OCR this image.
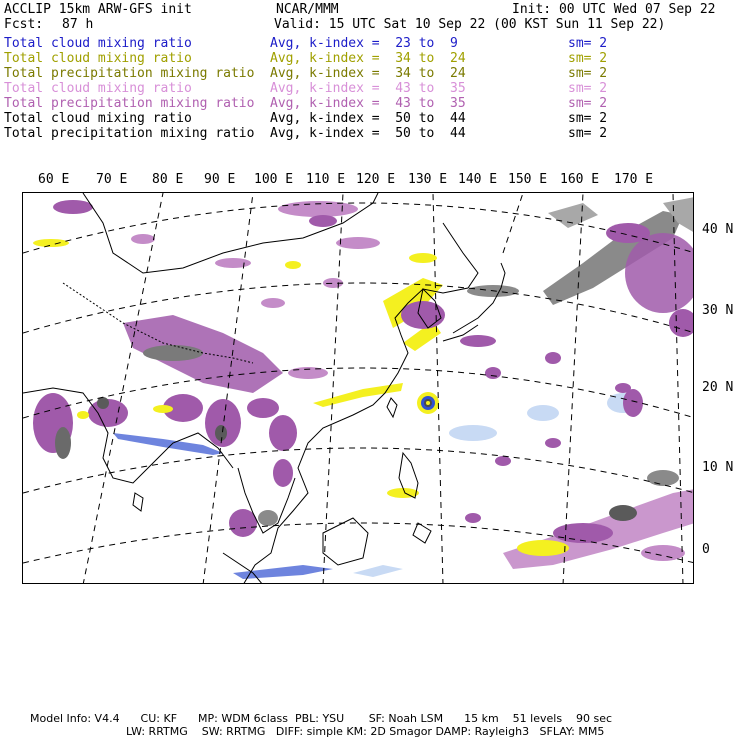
ACCLIP 15km ARW-GFS init	NCAR/MMM	Init: 00 UTC Wed 07 Sep 22
Fcst: 87 h	Valid: 15 UTC Sat 10 Sep 22 (00 KST Sun 11 Sep 22)
Total cloud mixing ratio	Avg, k-index =  23 to  9	sm= 2
Total cloud mixing ratio	Avg, k-index =  34 to  24	sm= 2
Total precipitation mixing ratio Avg, k-index =  34 to  24	sm= 2
Total cloud mixing ratio	Avg, k-index =  43 to  35	sm= 2
Total precipitation mixing ratio Avg, k-index =  43 to  35	sm= 2
Total cloud mixing ratio	Avg, k-index =  50 to  44	sm= 2
Total precipitation mixing ratio Avg, k-index =  50 to  44	sm= 2
60 E 70 E 80 E 90 E 100 E 110 E 120 E 130 E 140 E 150 E 160 E 170 E
40 N
30 N
20 N
10 N
0
Model Info: V4.4      CU: KF      MP: WDM 6class  PBL: YSU       SF: Noah LSM      15 km    51 levels    90 sec
LW: RRTMG    SW: RRTMG   DIFF: simple KM: 2D Smagor DAMP: Rayleigh3   SFLAY: MM5
